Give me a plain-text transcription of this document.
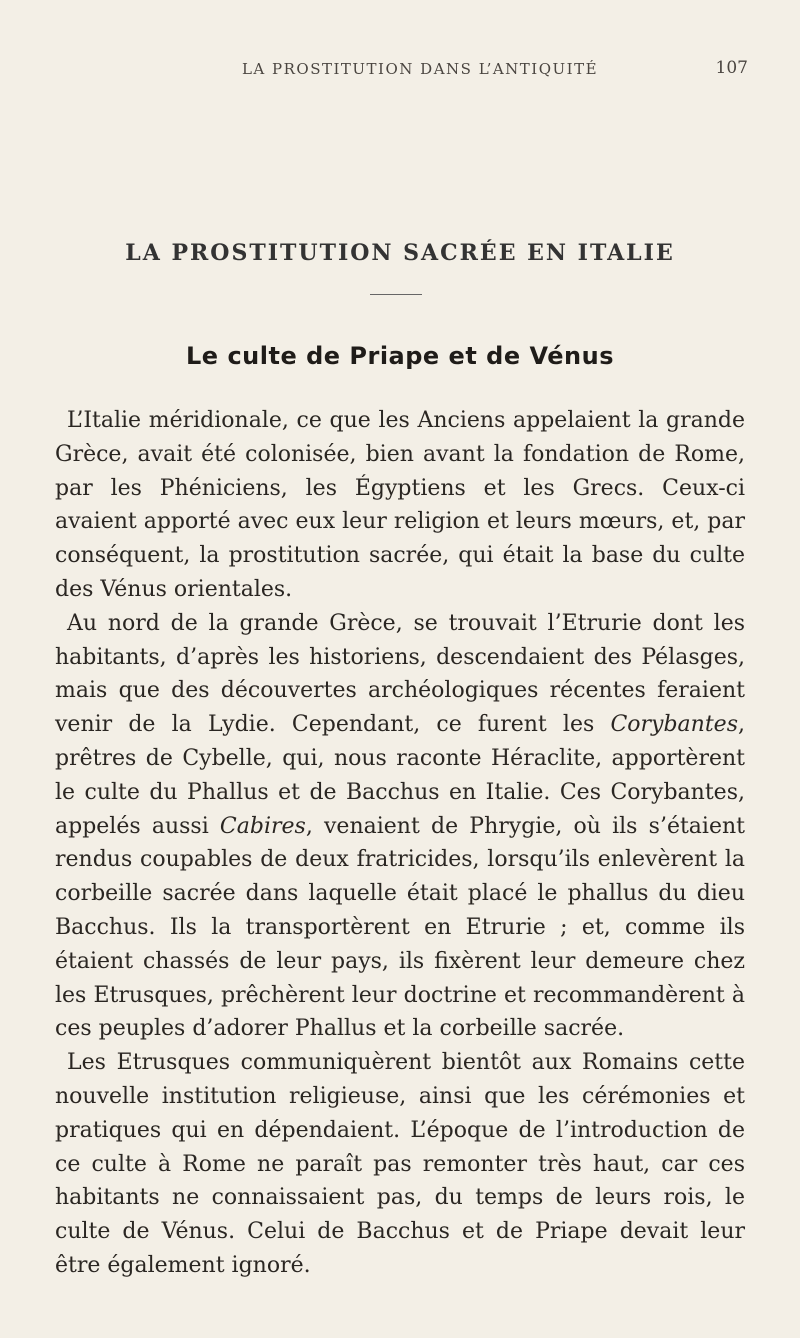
LA PROSTITUTION DANS L’ANTIQUITÉ	107
LA PROSTITUTION SACRÉE EN ITALIE
Le culte de Priape et de Vénus

L’Italie méridionale, ce que les Anciens appelaient la grande Grèce, avait été colonisée, bien avant la fondation de Rome, par les Phéniciens, les Égyptiens et les Grecs. Ceux-ci avaient apporté avec eux leur religion et leurs mœurs, et, par conséquent, la prostitution sacrée, qui était la base du culte des Vénus orientales.

Au nord de la grande Grèce, se trouvait l’Etrurie dont les habitants, d’après les historiens, descendaient des Pélasges, mais que des découvertes archéologiques récentes feraient venir de la Lydie. Cependant, ce furent les Corybantes, prêtres de Cybelle, qui, nous raconte Héraclite, apportèrent le culte du Phallus et de Bacchus en Italie. Ces Corybantes, appelés aussi Cabires, venaient de Phrygie, où ils s’étaient rendus coupables de deux fratricides, lorsqu’ils enlevèrent la corbeille sacrée dans laquelle était placé le phallus du dieu Bacchus. Ils la transportèrent en Etrurie ; et, comme ils étaient chassés de leur pays, ils fixèrent leur demeure chez les Etrusques, prêchèrent leur doctrine et recommandèrent à ces peuples d’adorer Phallus et la corbeille sacrée.

Les Etrusques communiquèrent bientôt aux Romains cette nouvelle institution religieuse, ainsi que les cérémonies et pratiques qui en dépendaient. L’époque de l’introduction de ce culte à Rome ne paraît pas remonter très haut, car ces habitants ne connaissaient pas, du temps de leurs rois, le culte de Vénus. Celui de Bacchus et de Priape devait leur être également ignoré.
